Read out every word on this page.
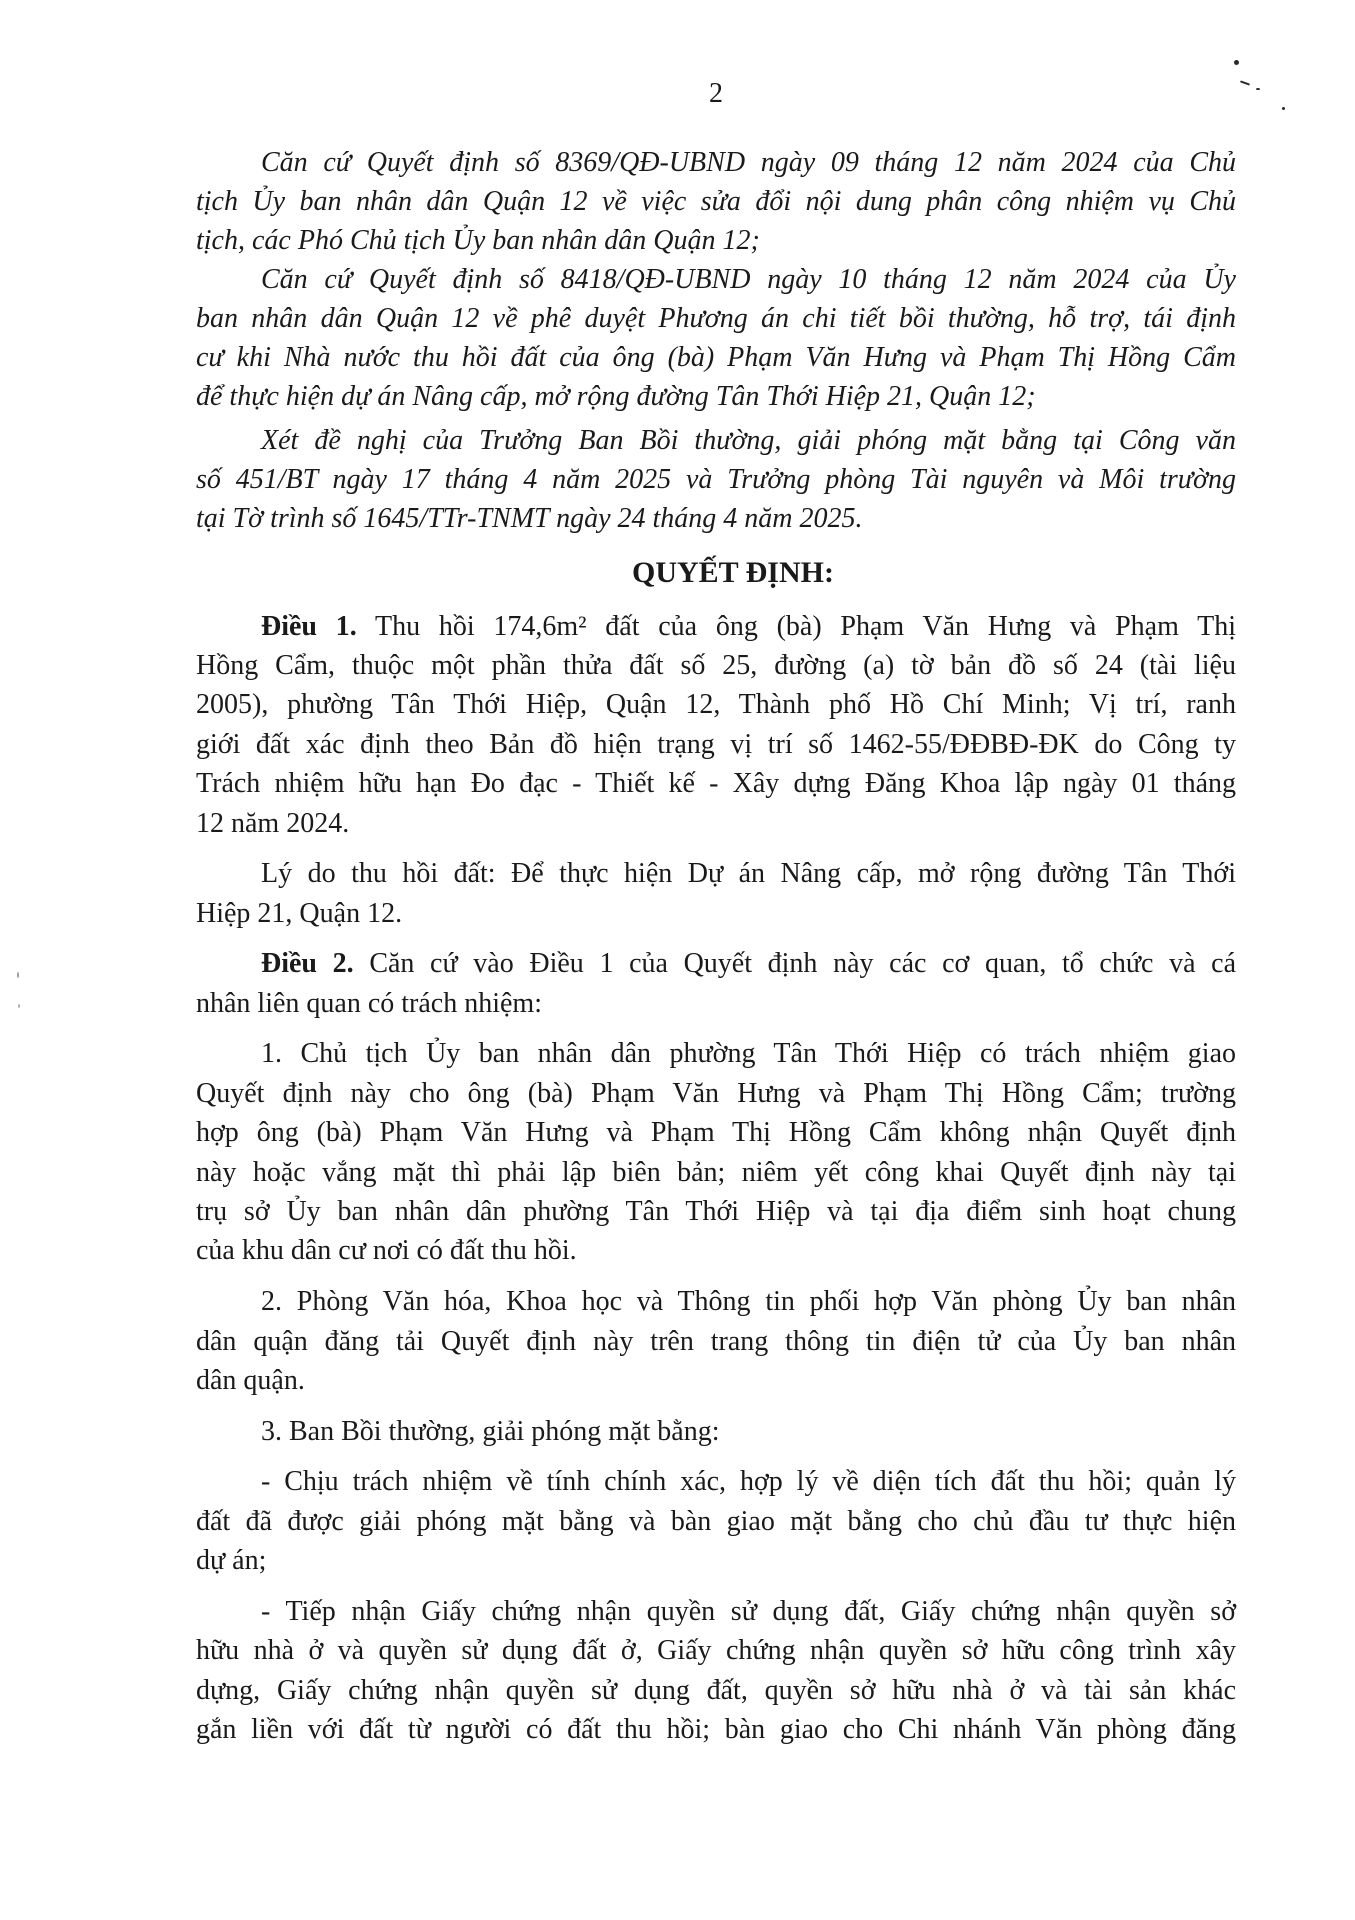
2
Căn cứ Quyết định số 8369/QĐ-UBND ngày 09 tháng 12 năm 2024 của Chủ
tịch Ủy ban nhân dân Quận 12 về việc sửa đổi nội dung phân công nhiệm vụ Chủ
tịch, các Phó Chủ tịch Ủy ban nhân dân Quận 12;
Căn cứ Quyết định số 8418/QĐ-UBND ngày 10 tháng 12 năm 2024 của Ủy
ban nhân dân Quận 12 về phê duyệt Phương án chi tiết bồi thường, hỗ trợ, tái định
cư khi Nhà nước thu hồi đất của ông (bà) Phạm Văn Hưng và Phạm Thị Hồng Cẩm
để thực hiện dự án Nâng cấp, mở rộng đường Tân Thới Hiệp 21, Quận 12;
Xét đề nghị của Trưởng Ban Bồi thường, giải phóng mặt bằng tại Công văn
số 451/BT ngày 17 tháng 4 năm 2025 và Trưởng phòng Tài nguyên và Môi trường
tại Tờ trình số 1645/TTr-TNMT ngày 24 tháng 4 năm 2025.
QUYẾT ĐỊNH:
Điều 1. Thu hồi 174,6m² đất của ông (bà) Phạm Văn Hưng và Phạm Thị
Hồng Cẩm, thuộc một phần thửa đất số 25, đường (a) tờ bản đồ số 24 (tài liệu
2005), phường Tân Thới Hiệp, Quận 12, Thành phố Hồ Chí Minh; Vị trí, ranh
giới đất xác định theo Bản đồ hiện trạng vị trí số 1462-55/ĐĐBĐ-ĐK do Công ty
Trách nhiệm hữu hạn Đo đạc - Thiết kế - Xây dựng Đăng Khoa lập ngày 01 tháng
12 năm 2024.
Lý do thu hồi đất: Để thực hiện Dự án Nâng cấp, mở rộng đường Tân Thới
Hiệp 21, Quận 12.
Điều 2. Căn cứ vào Điều 1 của Quyết định này các cơ quan, tổ chức và cá
nhân liên quan có trách nhiệm:
1. Chủ tịch Ủy ban nhân dân phường Tân Thới Hiệp có trách nhiệm giao
Quyết định này cho ông (bà) Phạm Văn Hưng và Phạm Thị Hồng Cẩm; trường
hợp ông (bà) Phạm Văn Hưng và Phạm Thị Hồng Cẩm không nhận Quyết định
này hoặc vắng mặt thì phải lập biên bản; niêm yết công khai Quyết định này tại
trụ sở Ủy ban nhân dân phường Tân Thới Hiệp và tại địa điểm sinh hoạt chung
của khu dân cư nơi có đất thu hồi.
2. Phòng Văn hóa, Khoa học và Thông tin phối hợp Văn phòng Ủy ban nhân
dân quận đăng tải Quyết định này trên trang thông tin điện tử của Ủy ban nhân
dân quận.
3. Ban Bồi thường, giải phóng mặt bằng:
- Chịu trách nhiệm về tính chính xác, hợp lý về diện tích đất thu hồi; quản lý
đất đã được giải phóng mặt bằng và bàn giao mặt bằng cho chủ đầu tư thực hiện
dự án;
- Tiếp nhận Giấy chứng nhận quyền sử dụng đất, Giấy chứng nhận quyền sở
hữu nhà ở và quyền sử dụng đất ở, Giấy chứng nhận quyền sở hữu công trình xây
dựng, Giấy chứng nhận quyền sử dụng đất, quyền sở hữu nhà ở và tài sản khác
gắn liền với đất từ người có đất thu hồi; bàn giao cho Chi nhánh Văn phòng đăng
